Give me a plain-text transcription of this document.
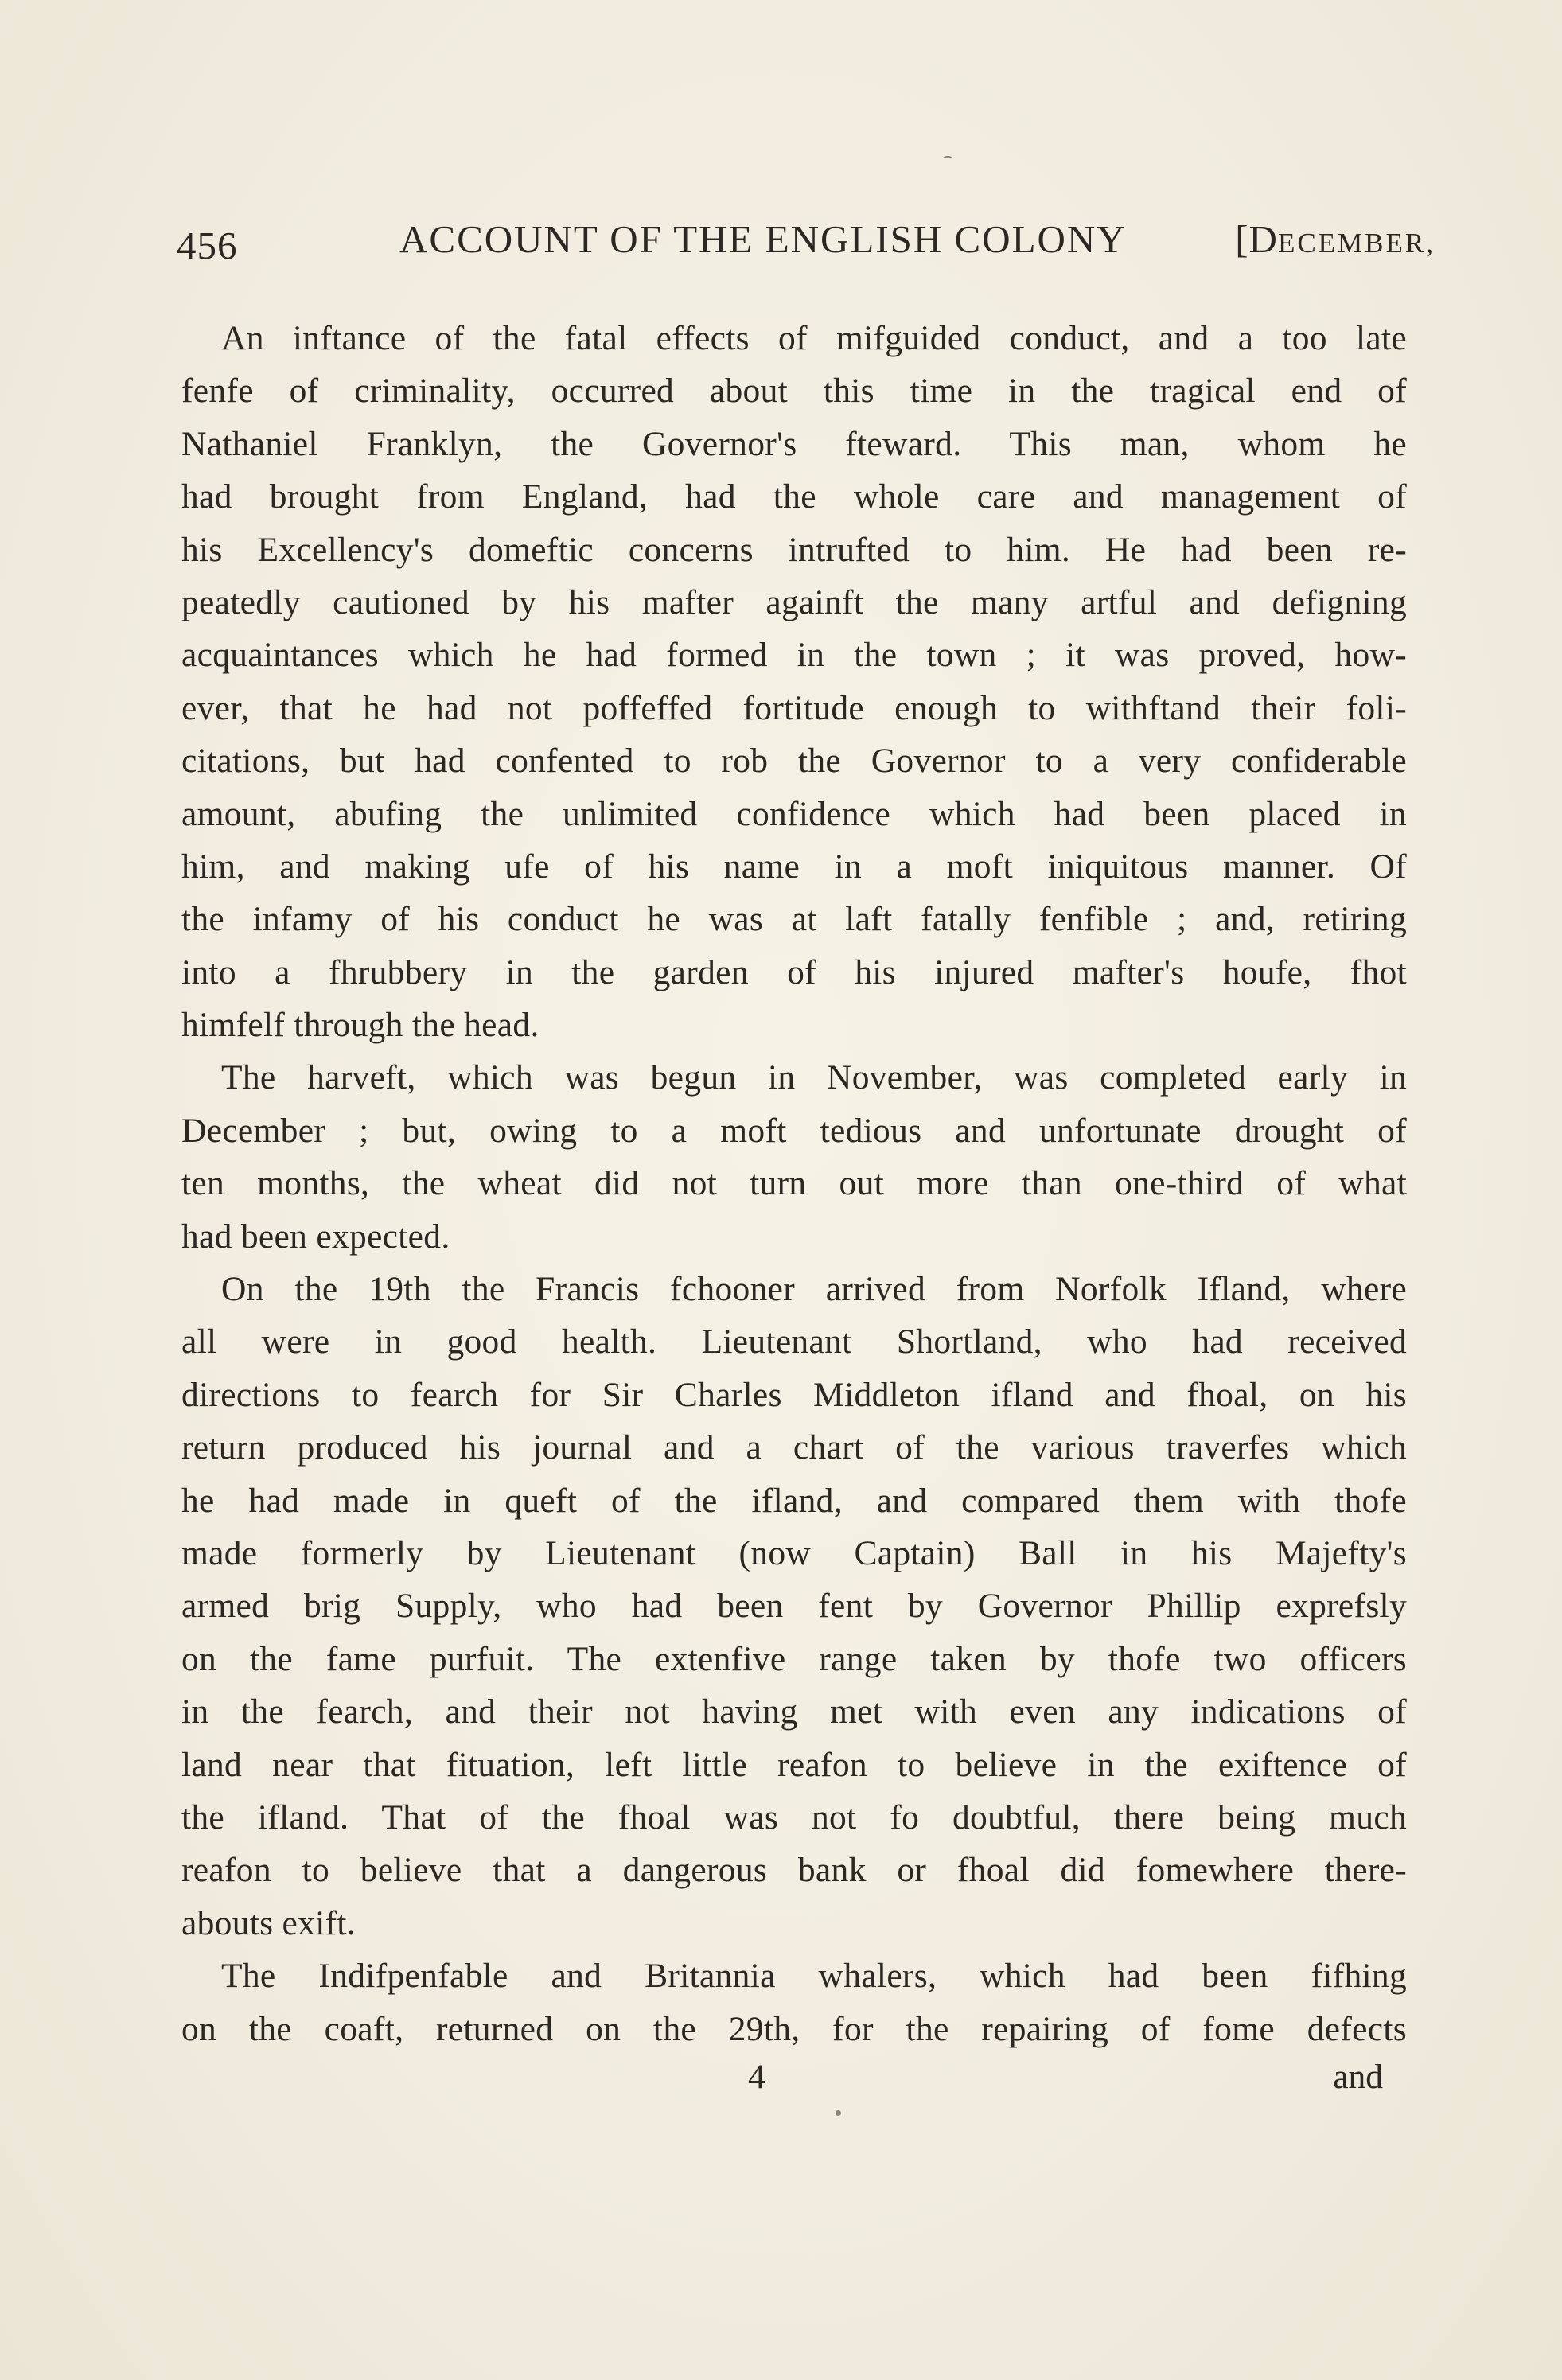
456	ACCOUNT OF THE ENGLISH COLONY	[DECEMBER,
An inftance of the fatal effects of mifguided conduct, and a too late
fenfe of criminality, occurred about this time in the tragical end of
Nathaniel Franklyn, the Governor's fteward. This man, whom he
had brought from England, had the whole care and management of
his Excellency's domeftic concerns intrufted to him. He had been re-
peatedly cautioned by his mafter againft the many artful and defigning
acquaintances which he had formed in the town ; it was proved, how-
ever, that he had not poffeffed fortitude enough to withftand their foli-
citations, but had confented to rob the Governor to a very confiderable
amount, abufing the unlimited confidence which had been placed in
him, and making ufe of his name in a moft iniquitous manner. Of
the infamy of his conduct he was at laft fatally fenfible ; and, retiring
into a fhrubbery in the garden of his injured mafter's houfe, fhot
himfelf through the head.
The harveft, which was begun in November, was completed early in
December ; but, owing to a moft tedious and unfortunate drought of
ten months, the wheat did not turn out more than one-third of what
had been expected.
On the 19th the Francis fchooner arrived from Norfolk Ifland, where
all were in good health. Lieutenant Shortland, who had received
directions to fearch for Sir Charles Middleton ifland and fhoal, on his
return produced his journal and a chart of the various traverfes which
he had made in queft of the ifland, and compared them with thofe
made formerly by Lieutenant (now Captain) Ball in his Majefty's
armed brig Supply, who had been fent by Governor Phillip exprefsly
on the fame purfuit. The extenfive range taken by thofe two officers
in the fearch, and their not having met with even any indications of
land near that fituation, left little reafon to believe in the exiftence of
the ifland. That of the fhoal was not fo doubtful, there being much
reafon to believe that a dangerous bank or fhoal did fomewhere there-
abouts exift.
The Indifpenfable and Britannia whalers, which had been fifhing
on the coaft, returned on the 29th, for the repairing of fome defects
4	and
